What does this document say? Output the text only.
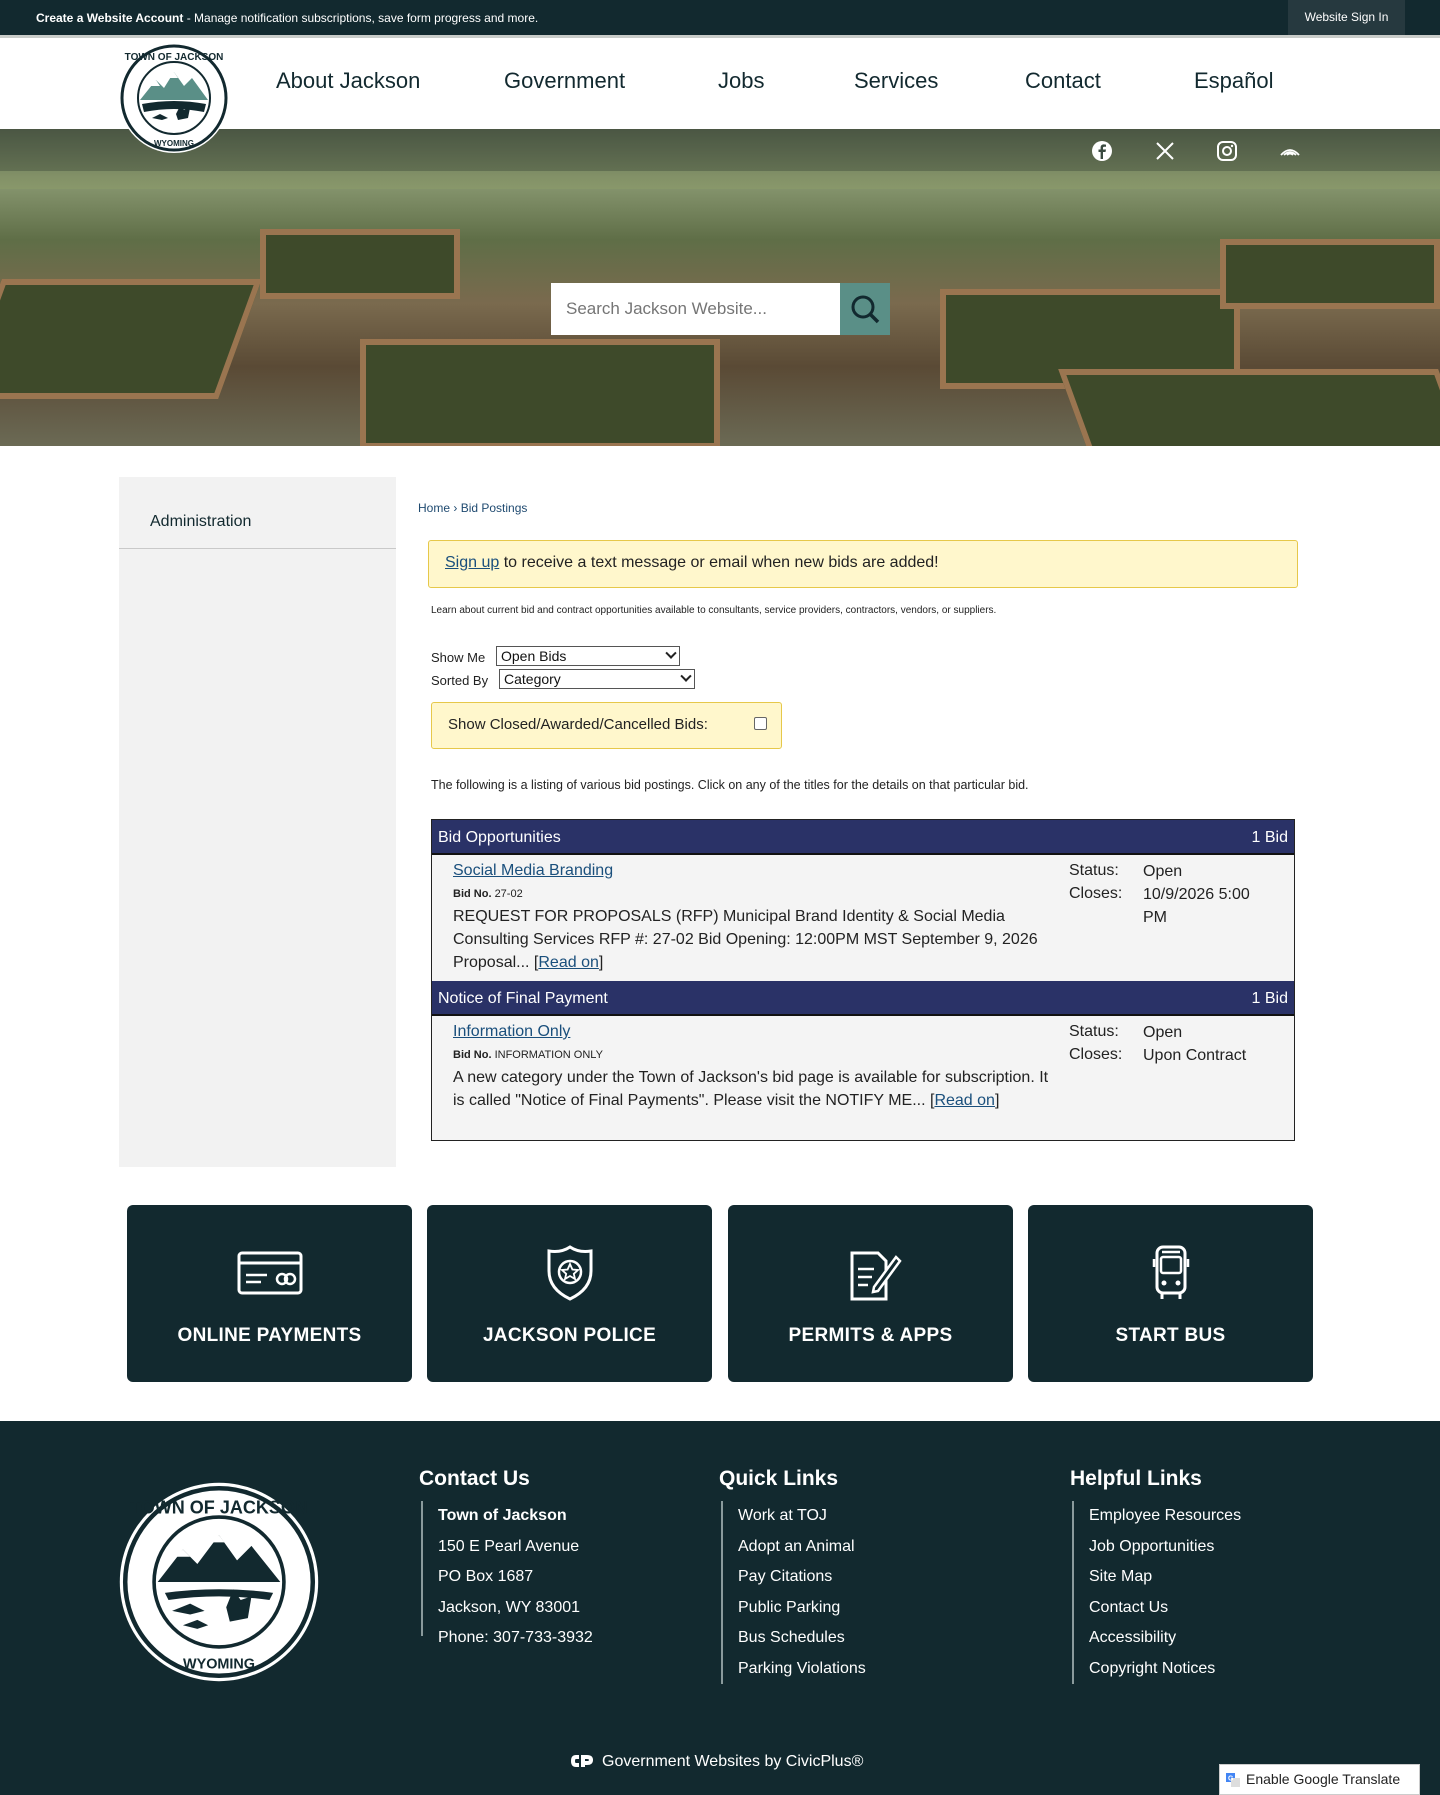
Create a Website Account - Manage notification subscriptions, save form progress and more.	Website Sign In
About Jackson	Government	Jobs	Services	Contact	Español
TOWN OF JACKSON
WYOMING
Search Jackson Website...
Administration
Home › Bid Postings
Sign up to receive a text message or email when new bids are added!
Learn about current bid and contract opportunities available to consultants, service providers, contractors, vendors, or suppliers.
Show Me	Open Bids
Sorted By	Category
Show Closed/Awarded/Cancelled Bids:
The following is a listing of various bid postings. Click on any of the titles for the details on that particular bid.
Bid Opportunities	1 Bid
Social Media Branding
Bid No. 27-02
REQUEST FOR PROPOSALS (RFP) Municipal Brand Identity & Social Media Consulting Services RFP #: 27-02 Bid Opening: 12:00PM MST September 9, 2026 Proposal... [Read on]
Status: Open
Closes: 10/9/2026 5:00 PM
Notice of Final Payment	1 Bid
Information Only
Bid No. INFORMATION ONLY
A new category under the Town of Jackson's bid page is available for subscription. It is called "Notice of Final Payments". Please visit the NOTIFY ME... [Read on]
Status: Open
Closes: Upon Contract
ONLINE PAYMENTS	JACKSON POLICE	PERMITS & APPS	START BUS
TOWN OF JACKSON
WYOMING
Contact Us
Town of Jackson
150 E Pearl Avenue
PO Box 1687
Jackson, WY 83001
Phone: 307-733-3932
Quick Links
Work at TOJ
Adopt an Animal
Pay Citations
Public Parking
Bus Schedules
Parking Violations
Helpful Links
Employee Resources
Job Opportunities
Site Map
Contact Us
Accessibility
Copyright Notices
Government Websites by CivicPlus®
G Enable Google Translate
